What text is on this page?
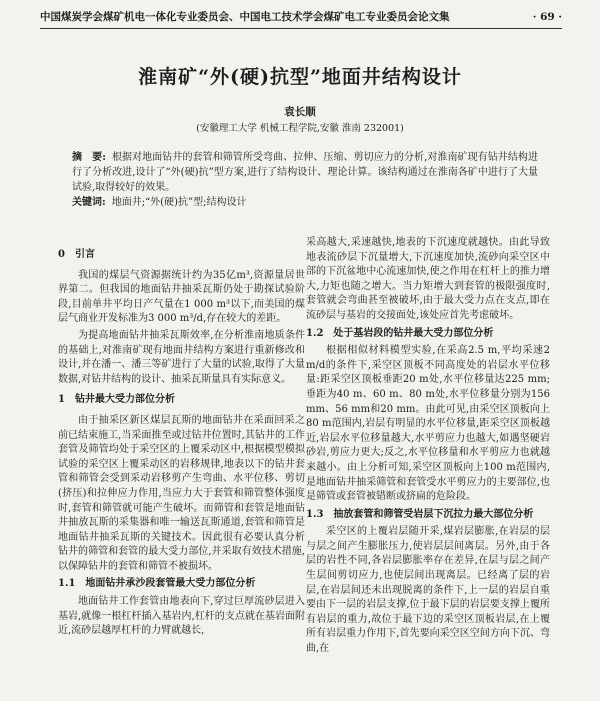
中国煤炭学会煤矿机电一体化专业委员会、中国电工技术学会煤矿电工专业委员会论文集	· 69 ·
淮南矿“外(硬)抗型”地面井结构设计
袁长顺
(安徽理工大学 机械工程学院,安徽 淮南 232001)

摘　要: 根据对地面钻井的套管和筛管所受弯曲、拉伸、压缩、剪切应力的分析,对淮南矿现有钻井结构进行了分析改进,设计了“外(硬)抗”型方案,进行了结构设计、理论计算。该结构通过在淮南各矿中进行了大量试验,取得较好的效果。

关键词: 地面井;“外(硬)抗”型;结构设计

0　引言

我国的煤层气资源据统计约为35亿m³,资源量居世界第二。但我国的地面钻井抽采瓦斯仍处于勘探试验阶段,目前单井平均日产气量在1 000 m³以下,而美国的煤层气商业开发标准为3 000 m³/d,存在较大的差距。

为提高地面钻井抽采瓦斯效率,在分析淮南地质条件的基础上,对淮南矿现有地面井结构方案进行重新修改和设计,并在潘一、潘三等矿进行了大量的试验,取得了大量数据,对钻井结构的设计、抽采瓦斯量具有实际意义。

1　钻井最大受力部位分析

由于抽采区新区煤层瓦斯的地面钻井在采面回采之前已结束施工,当采面推至或过钻井位置时,其钻井的工作套管及筛管均处于采空区的上覆采动区中,根据模型模拟试验的采空区上覆采动区的岩移规律,地表以下的钻井套管和筛管会受到采动岩移剪产生弯曲、水平位移、剪切(挤压)和拉伸应力作用,当应力大于套管和筛管整体强度时,套管和筛管就可能产生破坏。而筛管和套管是地面钻井抽放瓦斯的采集器和唯一输送瓦斯通道,套管和筛管是地面钻井抽采瓦斯的关键技术。因此很有必要认真分析钻井的筛管和套管的最大受力部位,并采取有效技术措施,以保障钻井的套管和筛管不被损坏。

1.1　地面钻井承沙段套管最大受力部位分析

地面钻井工作套管由地表向下,穿过巨厚流砂层进入基岩,就像一根杠杆插入基岩内,杠杆的支点就在基岩面附近,流砂层越厚杠杆的力臂就越长,

采高越大,采速越快,地表的下沉速度就越快。由此导致地表流砂层下沉量增大,下沉速度加快,流砂向采空区中部的下沉盆地中心流速加快,使之作用在杠杆上的推力增大,力矩也随之增大。当力矩增大到套管的极限强度时,套管就会弯曲甚至被破坏,由于最大受力点在支点,即在流砂层与基岩的交接面处,该处应首先考虑破坏。

1.2　处于基岩段的钻井最大受力部位分析

根据相似材料模型实验,在采高2.5 m,平均采速2 m/d的条件下,采空区顶板不同高度处的岩层水平位移量:距采空区顶板垂距20 m处,水平位移量达225 mm;垂距为40 m、60 m、80 m处,水平位移量分别为156 mm、56 mm和20 mm。由此可见,由采空区顶板向上80 m范围内,岩层有明显的水平位移量,距采空区顶板越近,岩层水平位移量越大,水平剪应力也越大,如遇坚硬岩砂岩,剪应力更大;反之,水平位移量和水平剪应力也就越来越小。由上分析可知,采空区顶板向上100 m范围内,是地面钻井抽采筛管和套管受水平剪应力的主要部位,也是筛管或套管被错断或挤扁的危险段。

1.3　抽放套管和筛管受岩层下沉拉力最大部位分析

采空区的上覆岩层随开采,煤岩层膨胀,在岩层的层与层之间产生膨胀压力,使岩层层间离层。另外,由于各层的岩性不同,各岩层膨胀率存在差异,在层与层之间产生层间剪切应力,也使层间出现离层。已经离了层的岩层,在岩层间还未出现脱离的条件下,上一层的岩层自重要由下一层的岩层支撑,位于最下层的岩层要支撑上覆所有岩层的重力,故位于最下边的采空区顶板岩层,在上覆所有岩层重力作用下,首先要向采空区空间方向下沉、弯曲,在
